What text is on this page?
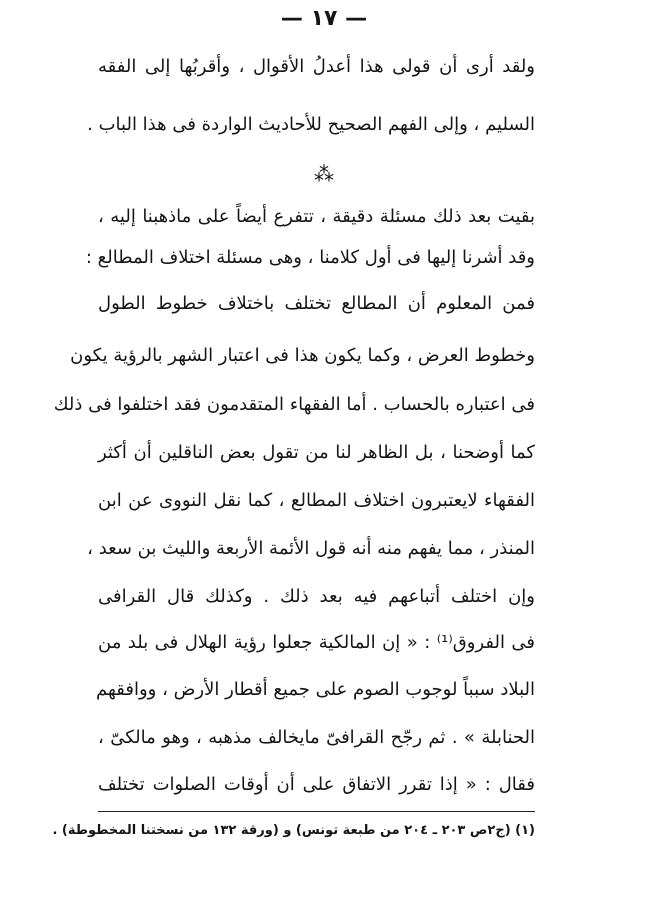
— ١٧ —
ولقد أرى أن قولى هذا أعدلُ الأقوال ، وأقربُها إلى الفقه
السليم ، وإلى الفهم الصحيح للأحاديث الواردة فى هذا الباب .
⁂
بقيت بعد ذلك مسئلة دقيقة ، تتفرع أيضاً على ماذهبنا إليه ،
وقد أشرنا إليها فى أول كلامنا ، وهى مسئلة اختلاف المطالع :
فمن المعلوم أن المطالع تختلف باختلاف خطوط الطول
وخطوط العرض ، وكما يكون هذا فى اعتبار الشهر بالرؤية يكون
فى اعتباره بالحساب . أما الفقهاء المتقدمون فقد اختلفوا فى ذلك
كما أوضحنا ، بل الظاهر لنا من تقول بعض الناقلين أن أكثر
الفقهاء لايعتبرون اختلاف المطالع ، كما نقل النووى عن ابن
المنذر ، مما يفهم منه أنه قول الأئمة الأربعة والليث بن سعد ،
وإن اختلف أتباعهم فيه بعد ذلك . وكذلك قال القرافى
فى الفروق⁽¹⁾ : « إن المالكية جعلوا رؤية الهلال فى بلد من
البلاد سبباً لوجوب الصوم على جميع أقطار الأرض ، ووافقهم
الحنابلة » . ثم رجّح القرافىّ مايخالف مذهبه ، وهو مالكىّ ،
فقال : « إذا تقرر الاتفاق على أن أوقات الصلوات تختلف
(١) (ج٢ص ٢٠٣ ـ ٢٠٤ من طبعة تونس) و (ورقة ١٣٢ من نسختنا المخطوطة) .
